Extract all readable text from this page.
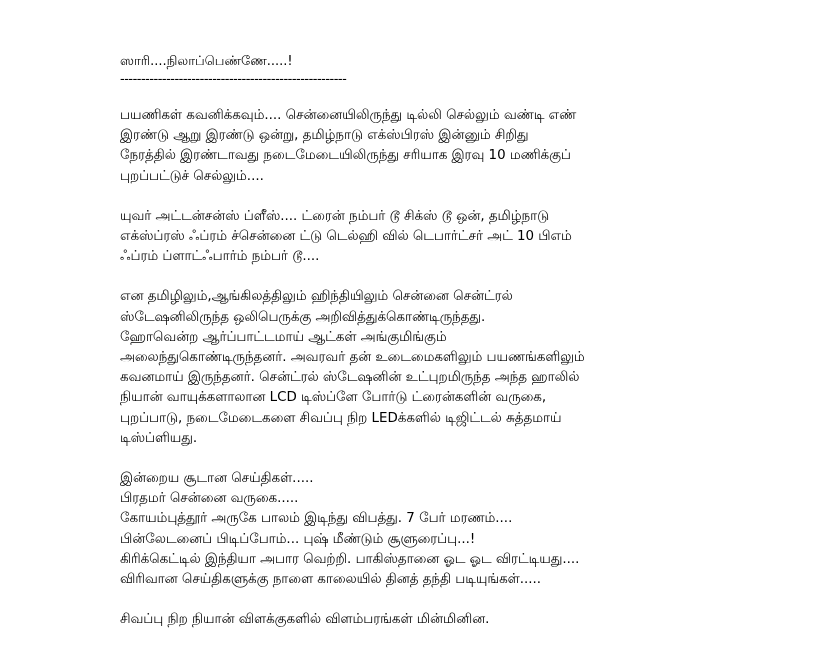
ஸாரி....நிலாப்பெண்ணே.....!

------------------------------------------------------

பயணிகள் கவனிக்கவும்.... சென்னையிலிருந்து டில்லி செல்லும் வண்டி எண்

இரண்டு ஆறு இரண்டு ஒன்று, தமிழ்நாடு எக்ஸ்பிரஸ் இன்னும் சிறிது

நேரத்தில் இரண்டாவது நடைமேடையிலிருந்து சரியாக இரவு 10 மணிக்குப்

புறப்பட்டுச் செல்லும்....

யுவர் அட்டன்சன்ஸ் ப்ளீஸ்.... ட்ரைன் நம்பர் டூ சிக்ஸ் டூ ஒன், தமிழ்நாடு

எக்ஸ்ப்ரஸ் ஃப்ரம் ச்சென்னை ட்டு டெல்ஹி வில் டெபார்ட்சர் அட் 10 பிஎம்

ஃப்ரம் ப்ளாட்ஃபார்ம் நம்பர் டூ....

என தமிழிலும்,ஆங்கிலத்திலும் ஹிந்தியிலும் சென்னை சென்ட்ரல்

ஸ்டேஷனிலிருந்த ஒலிபெருக்கு அறிவித்துக்கொண்டிருந்தது.

ஹோவென்ற ஆர்ப்பாட்டமாய் ஆட்கள் அங்குமிங்கும்

அலைந்துகொண்டிருந்தனர். அவரவர் தன் உடைமைகளிலும் பயணங்களிலும்

கவனமாய் இருந்தனர். சென்ட்ரல் ஸ்டேஷனின் உட்புறமிருந்த அந்த ஹாலில்

நியான் வாயுக்களாலான LCD டிஸ்ப்ளே போர்டு ட்ரைன்களின் வருகை,

புறப்பாடு, நடைமேடைகளை சிவப்பு நிற LEDக்களில் டிஜிட்டல் சுத்தமாய்

டிஸ்ப்ளியது.

இன்றைய சூடான செய்திகள்.....

பிரதமர் சென்னை வருகை.....

கோயம்புத்தூர் அருகே பாலம் இடிந்து விபத்து. 7 பேர் மரணம்....

பின்லேடனைப் பிடிப்போம்... புஷ் மீண்டும் சூளுரைப்பு...!

கிரிக்கெட்டில் இந்தியா அபார வெற்றி. பாகிஸ்தானை ஓட ஓட விரட்டியது....

விரிவான செய்திகளுக்கு நாளை காலையில் தினத் தந்தி படியுங்கள்.....

சிவப்பு நிற நியான் விளக்குகளில் விளம்பரங்கள் மின்மினின.
